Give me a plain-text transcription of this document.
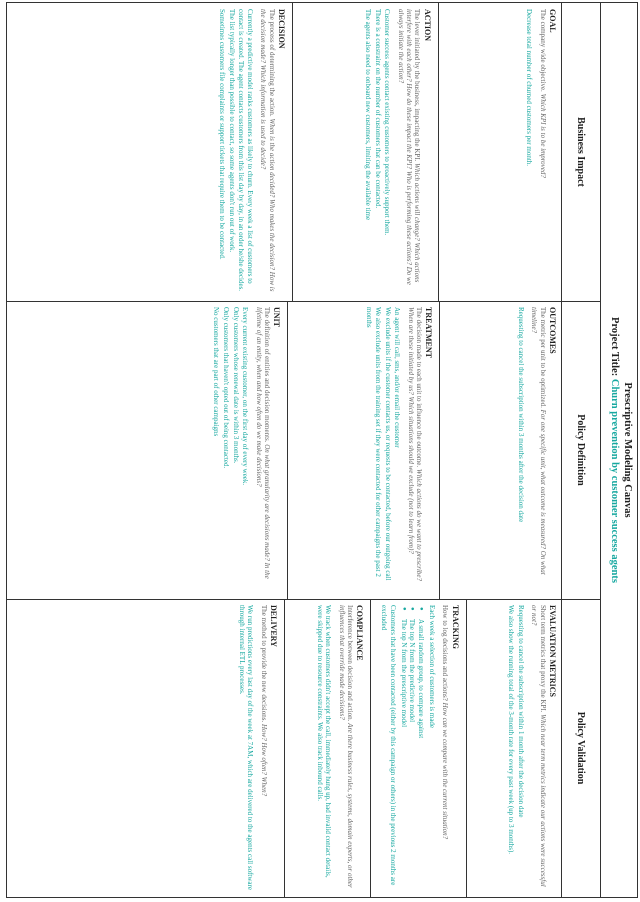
Prescriptive Modeling Canvas
Project Title: Churn prevention by customer success agents
Business Impact
GOAL
The company wide objective. Which KPI is to be improved?

Decrease total number of churned customers per month.

ACTION
The lever initiated by the business, impacting the KPI. Which actions will change? Which actions interfere with each other? How do these impact the KPI? Who is performing these actions? Do we always initiate the action?

Customer success agents contact existing customers to proactively support them.

There is a constraint on the number of customers that can be contacted.

The agents also need to onboard new customers, limiting the available time

DECISION
The process of determining the action. When is the action decided? Who makes the decision? How is the decision made? Which information is used to decide?

Currently a predictive model ranks customers as likely to churn. Every week a list of customers to contact is created. The agent contacts customers from this list day by day, in an order he/she decides.

The list typically longer than possible to contact, so some agents don't run out of work.

Sometimes customers file complaints or support tickets that require them to be contacted.

Policy Definition
OUTCOMES
The metric per unit to be optimized. For one specific unit, what outcome is measured? On what timeline?

Requesting to cancel the subscription within 3 months after the decision date

TREATMENT
The decision made to each unit to influence the outcome. Which actions do we want to prescribe? When are these initiated by us? Which situations should we exclude (not to learn from)?

An agent will call, sms, and/or email the customer

We exclude units if the customer contacts us, or requests to be contacted, before our outgoing call

We also exclude units from the training set if they were contacted for other campaigns the past 2 months

UNIT
The definition of entities and decision moments. On what granularity are decisions made? In the lifetime of an entity, when and how often do we make decisions?

Every current existing customer, on the first day of every week.

Only customers whose renewal date is within 3 months.

Only customers that haven't opted out of being contacted.

No customers that are part of other campaigns

Policy Validation
EVALUATION METRICS
Short term metrics that proxy the KPI. Which near term metrics indicate our actions were successful or not?

Requesting to cancel the subscription within 1 month after the decision date

We also show the running total of the 3-month rate for every past week (up to 3 months).

TRACKING
How to log decisions and actions? How can we compare with the current situation?

Each week a selection of customers is made

● A small random group, to compare against
● The top N from the predictive model
● The top N from the prescriptive model

Customers that have been contacted (either by this campaign or others) in the previous 2 months are excluded

COMPLIANCE
Interference between decision and action. Are there business rules, systems, domain experts, or other influences that override made decisions?

We track when customers didn't accept the call, immediately hung up, had invalid contact details, were skipped due to resource constraints. We also track inbound calls.

DELIVERY
The method to provide the new decisions. How? How often? When?

We run predictions every last day of the week at 7AM, which are delivered to the agents call software through internal ETL processes.
